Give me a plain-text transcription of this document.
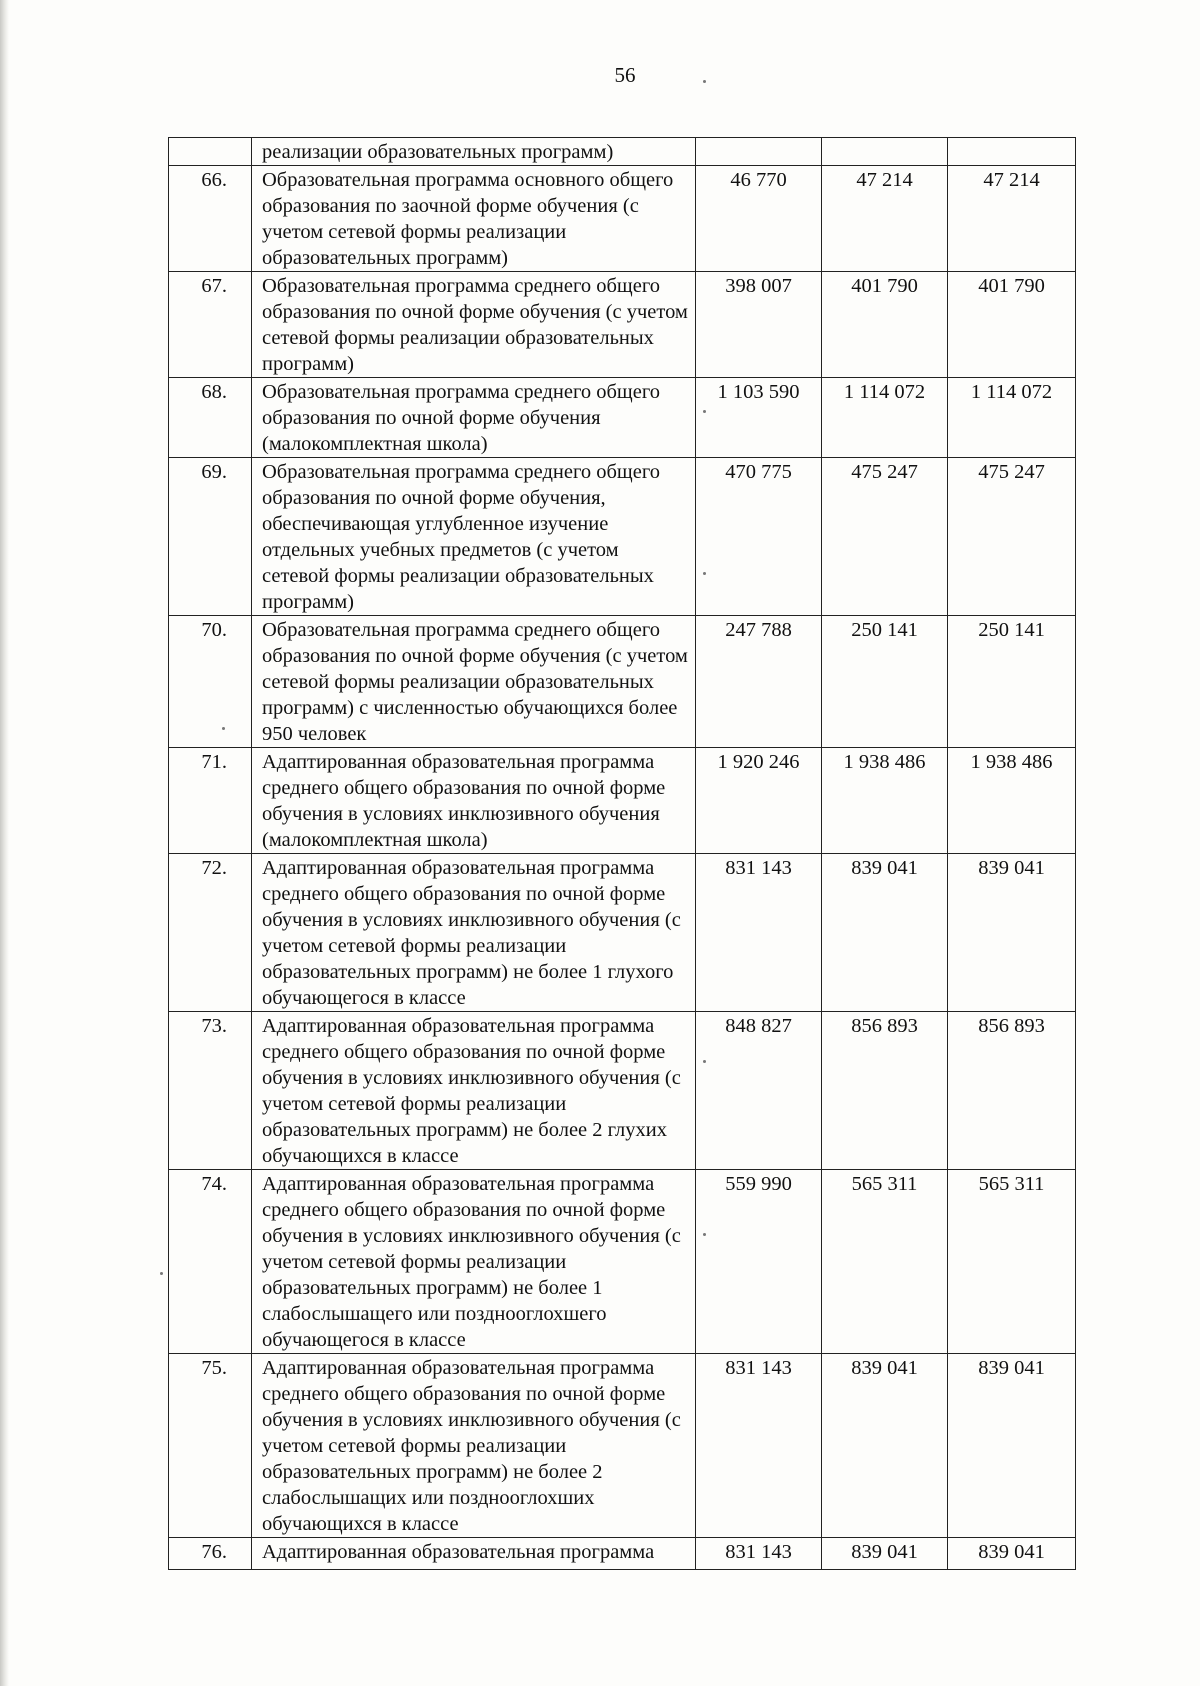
56
	реализации образовательных программ)			
66.	Образовательная программа основного общего образования по заочной форме обучения (с учетом сетевой формы реализации образовательных программ)	46 770	47 214	47 214
67.	Образовательная программа среднего общего образования по очной форме обучения (с учетом сетевой формы реализации образовательных программ)	398 007	401 790	401 790
68.	Образовательная программа среднего общего образования по очной форме обучения (малокомплектная школа)	1 103 590	1 114 072	1 114 072
69.	Образовательная программа среднего общего образования по очной форме обучения, обеспечивающая углубленное изучение отдельных учебных предметов (с учетом сетевой формы реализации образовательных программ)	470 775	475 247	475 247
70.	Образовательная программа среднего общего образования по очной форме обучения (с учетом сетевой формы реализации образовательных программ) с численностью обучающихся более 950 человек	247 788	250 141	250 141
71.	Адаптированная образовательная программа среднего общего образования по очной форме обучения в условиях инклюзивного обучения (малокомплектная школа)	1 920 246	1 938 486	1 938 486
72.	Адаптированная образовательная программа среднего общего образования по очной форме обучения в условиях инклюзивного обучения (с учетом сетевой формы реализации образовательных программ) не более 1 глухого обучающегося в классе	831 143	839 041	839 041
73.	Адаптированная образовательная программа среднего общего образования по очной форме обучения в условиях инклюзивного обучения (с учетом сетевой формы реализации образовательных программ) не более 2 глухих обучающихся в классе	848 827	856 893	856 893
74.	Адаптированная образовательная программа среднего общего образования по очной форме обучения в условиях инклюзивного обучения (с учетом сетевой формы реализации образовательных программ) не более 1 слабослышащего или позднооглохшего обучающегося в классе	559 990	565 311	565 311
75.	Адаптированная образовательная программа среднего общего образования по очной форме обучения в условиях инклюзивного обучения (с учетом сетевой формы реализации образовательных программ) не более 2 слабослышащих или позднооглохших обучающихся в классе	831 143	839 041	839 041
76.	Адаптированная образовательная программа	831 143	839 041	839 041
